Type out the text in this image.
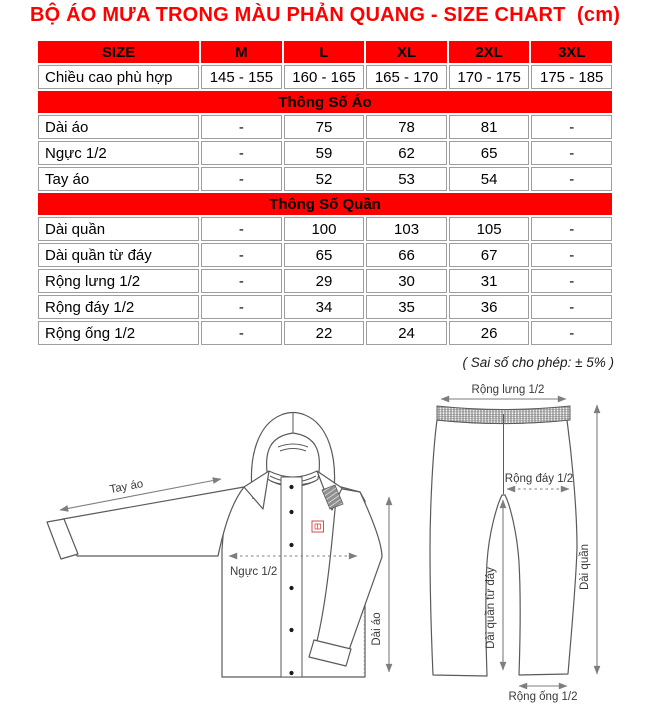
BỘ ÁO MƯA TRONG MÀU PHẢN QUANG - SIZE CHART  (cm)
SIZE	M	L	XL	2XL	3XL
Chiều cao phù hợp	145 - 155	160 - 165	165 - 170	170 - 175	175 - 185
Thông Số Áo					
Dài áo	-	75	78	81	-
Ngực 1/2	-	59	62	65	-
Tay áo	-	52	53	54	-
Thông Số Quần					
Dài quần	-	100	103	105	-
Dài quần từ đáy	-	65	66	67	-
Rộng lưng 1/2	-	29	30	31	-
Rộng đáy 1/2	-	34	35	36	-
Rộng ống 1/2	-	22	24	26	-
( Sai số cho phép: ± 5% )
Tay áo
Ngực 1/2
Dài áo
Rộng lưng 1/2
Rộng đáy 1/2
Dài quần từ đáy
Dài quần
Rộng ống 1/2
